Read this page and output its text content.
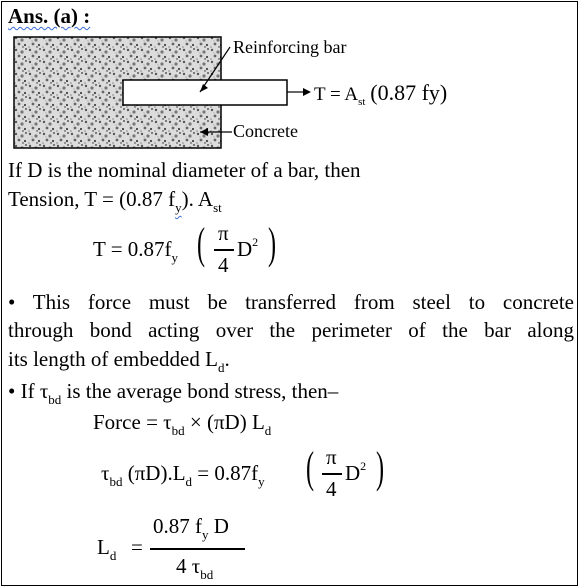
Ans. (a) :
Reinforcing bar
Concrete
$T = A_{st}$ (0.87 fy)
If D is the nominal diameter of a bar, then
Tension, T = (0.87 $f_y$). $A_{st}$
$T = 0.87f_y$ ( π
4
$D^2$ )
• This force must be transferred from steel to concrete
through bond acting over the perimeter of the bar along
its length of embedded $L_d$.
• If $\tau_{bd}$ is the average bond stress, then–
Force = $\tau_{bd} \times (\pi D)$ $L_d$
$\tau_{bd}$ $(\pi D).L_d = 0.87f_y$ ( π
4
$D^2$ )
$L_d$ =
0.87 $f_y$ D
4 $\tau_{bd}$
